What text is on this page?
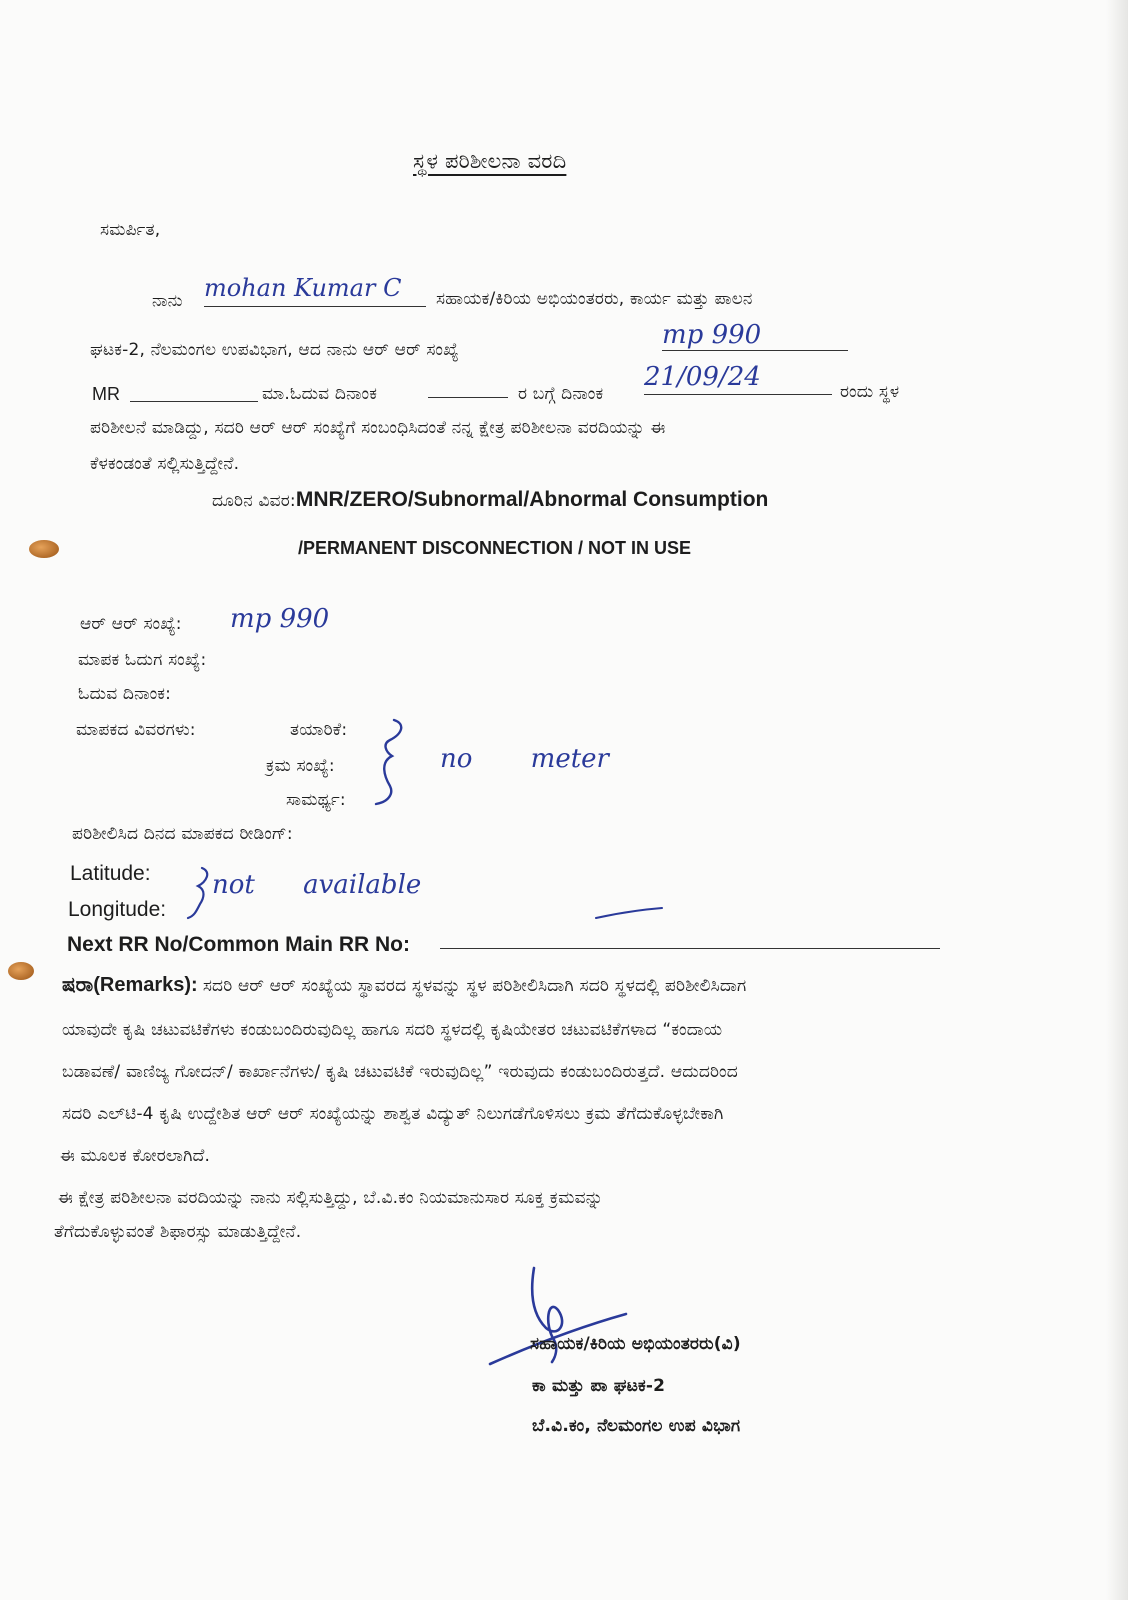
ಸ್ಥಳ ಪರಿಶೀಲನಾ ವರದಿ
ಸಮರ್ಪಿತ,
ನಾನು mohan Kumar C	ಸಹಾಯಕ/ಕಿರಿಯ ಅಭಿಯಂತರರು, ಕಾರ್ಯ ಮತ್ತು ಪಾಲನ
ಘಟಕ-2, ನೆಲಮಂಗಲ ಉಪವಿಭಾಗ, ಆದ ನಾನು ಆರ್ ಆರ್ ಸಂಖ್ಯೆ	mp 990
MR	ಮಾ.ಓದುವ ದಿನಾಂಕ	ರ ಬಗ್ಗೆ ದಿನಾಂಕ
21/09/24	ರಂದು ಸ್ಥಳ
ಪರಿಶೀಲನೆ ಮಾಡಿದ್ದು, ಸದರಿ ಆರ್ ಆರ್ ಸಂಖ್ಯೆಗೆ ಸಂಬಂಧಿಸಿದಂತೆ ನನ್ನ ಕ್ಷೇತ್ರ ಪರಿಶೀಲನಾ ವರದಿಯನ್ನು ಈ
ಕೆಳಕಂಡಂತೆ ಸಲ್ಲಿಸುತ್ತಿದ್ದೇನೆ.
ದೂರಿನ ವಿವರ:MNR/ZERO/Subnormal/Abnormal Consumption
/PERMANENT DISCONNECTION / NOT IN USE
ಆರ್ ಆರ್ ಸಂಖ್ಯೆ: mp 990
ಮಾಪಕ ಓದುಗ ಸಂಖ್ಯೆ:
ಓದುವ ದಿನಾಂಕ:
ಮಾಪಕದ ವಿವರಗಳು:	ತಯಾರಿಕೆ:
ಕ್ರಮ ಸಂಖ್ಯೆ:
ಸಾಮರ್ಥ್ಯ:
no meter
ಪರಿಶೀಲಿಸಿದ ದಿನದ ಮಾಪಕದ ರೀಡಿಂಗ್:
Latitude:
Longitude:
not available
Next RR No/Common Main RR No:
ಷರಾ(Remarks): ಸದರಿ ಆರ್ ಆರ್ ಸಂಖ್ಯೆಯ ಸ್ಥಾವರದ ಸ್ಥಳವನ್ನು ಸ್ಥಳ ಪರಿಶೀಲಿಸಿದಾಗಿ ಸದರಿ ಸ್ಥಳದಲ್ಲಿ ಪರಿಶೀಲಿಸಿದಾಗ
ಯಾವುದೇ ಕೃಷಿ ಚಟುವಟಿಕೆಗಳು ಕಂಡುಬಂದಿರುವುದಿಲ್ಲ ಹಾಗೂ ಸದರಿ ಸ್ಥಳದಲ್ಲಿ ಕೃಷಿಯೇತರ ಚಟುವಟಿಕೆಗಳಾದ “ಕಂದಾಯ
ಬಡಾವಣೆ/ ವಾಣಿಜ್ಯ ಗೋದನ್/ ಕಾರ್ಖಾನೆಗಳು/ ಕೃಷಿ ಚಟುವಟಿಕೆ ಇರುವುದಿಲ್ಲ” ಇರುವುದು ಕಂಡುಬಂದಿರುತ್ತದೆ. ಆದುದರಿಂದ
ಸದರಿ ಎಲ್‌ಟಿ-4 ಕೃಷಿ ಉದ್ದೇಶಿತ ಆರ್ ಆರ್ ಸಂಖ್ಯೆಯನ್ನು ಶಾಶ್ವತ ವಿದ್ಯುತ್ ನಿಲುಗಡೆಗೊಳಿಸಲು ಕ್ರಮ ತೆಗೆದುಕೊಳ್ಳಬೇಕಾಗಿ
ಈ ಮೂಲಕ ಕೋರಲಾಗಿದೆ.
ಈ ಕ್ಷೇತ್ರ ಪರಿಶೀಲನಾ ವರದಿಯನ್ನು ನಾನು ಸಲ್ಲಿಸುತ್ತಿದ್ದು, ಬೆ.ವಿ.ಕಂ ನಿಯಮಾನುಸಾರ ಸೂಕ್ತ ಕ್ರಮವನ್ನು
ತೆಗೆದುಕೊಳ್ಳುವಂತೆ ಶಿಫಾರಸ್ಸು ಮಾಡುತ್ತಿದ್ದೇನೆ.
ಸಹಾಯಕ/ಕಿರಿಯ ಅಭಿಯಂತರರು(ವಿ)
ಕಾ ಮತ್ತು ಪಾ ಘಟಕ-2
ಬೆ.ವಿ.ಕಂ, ನೆಲಮಂಗಲ ಉಪ ವಿಭಾಗ
